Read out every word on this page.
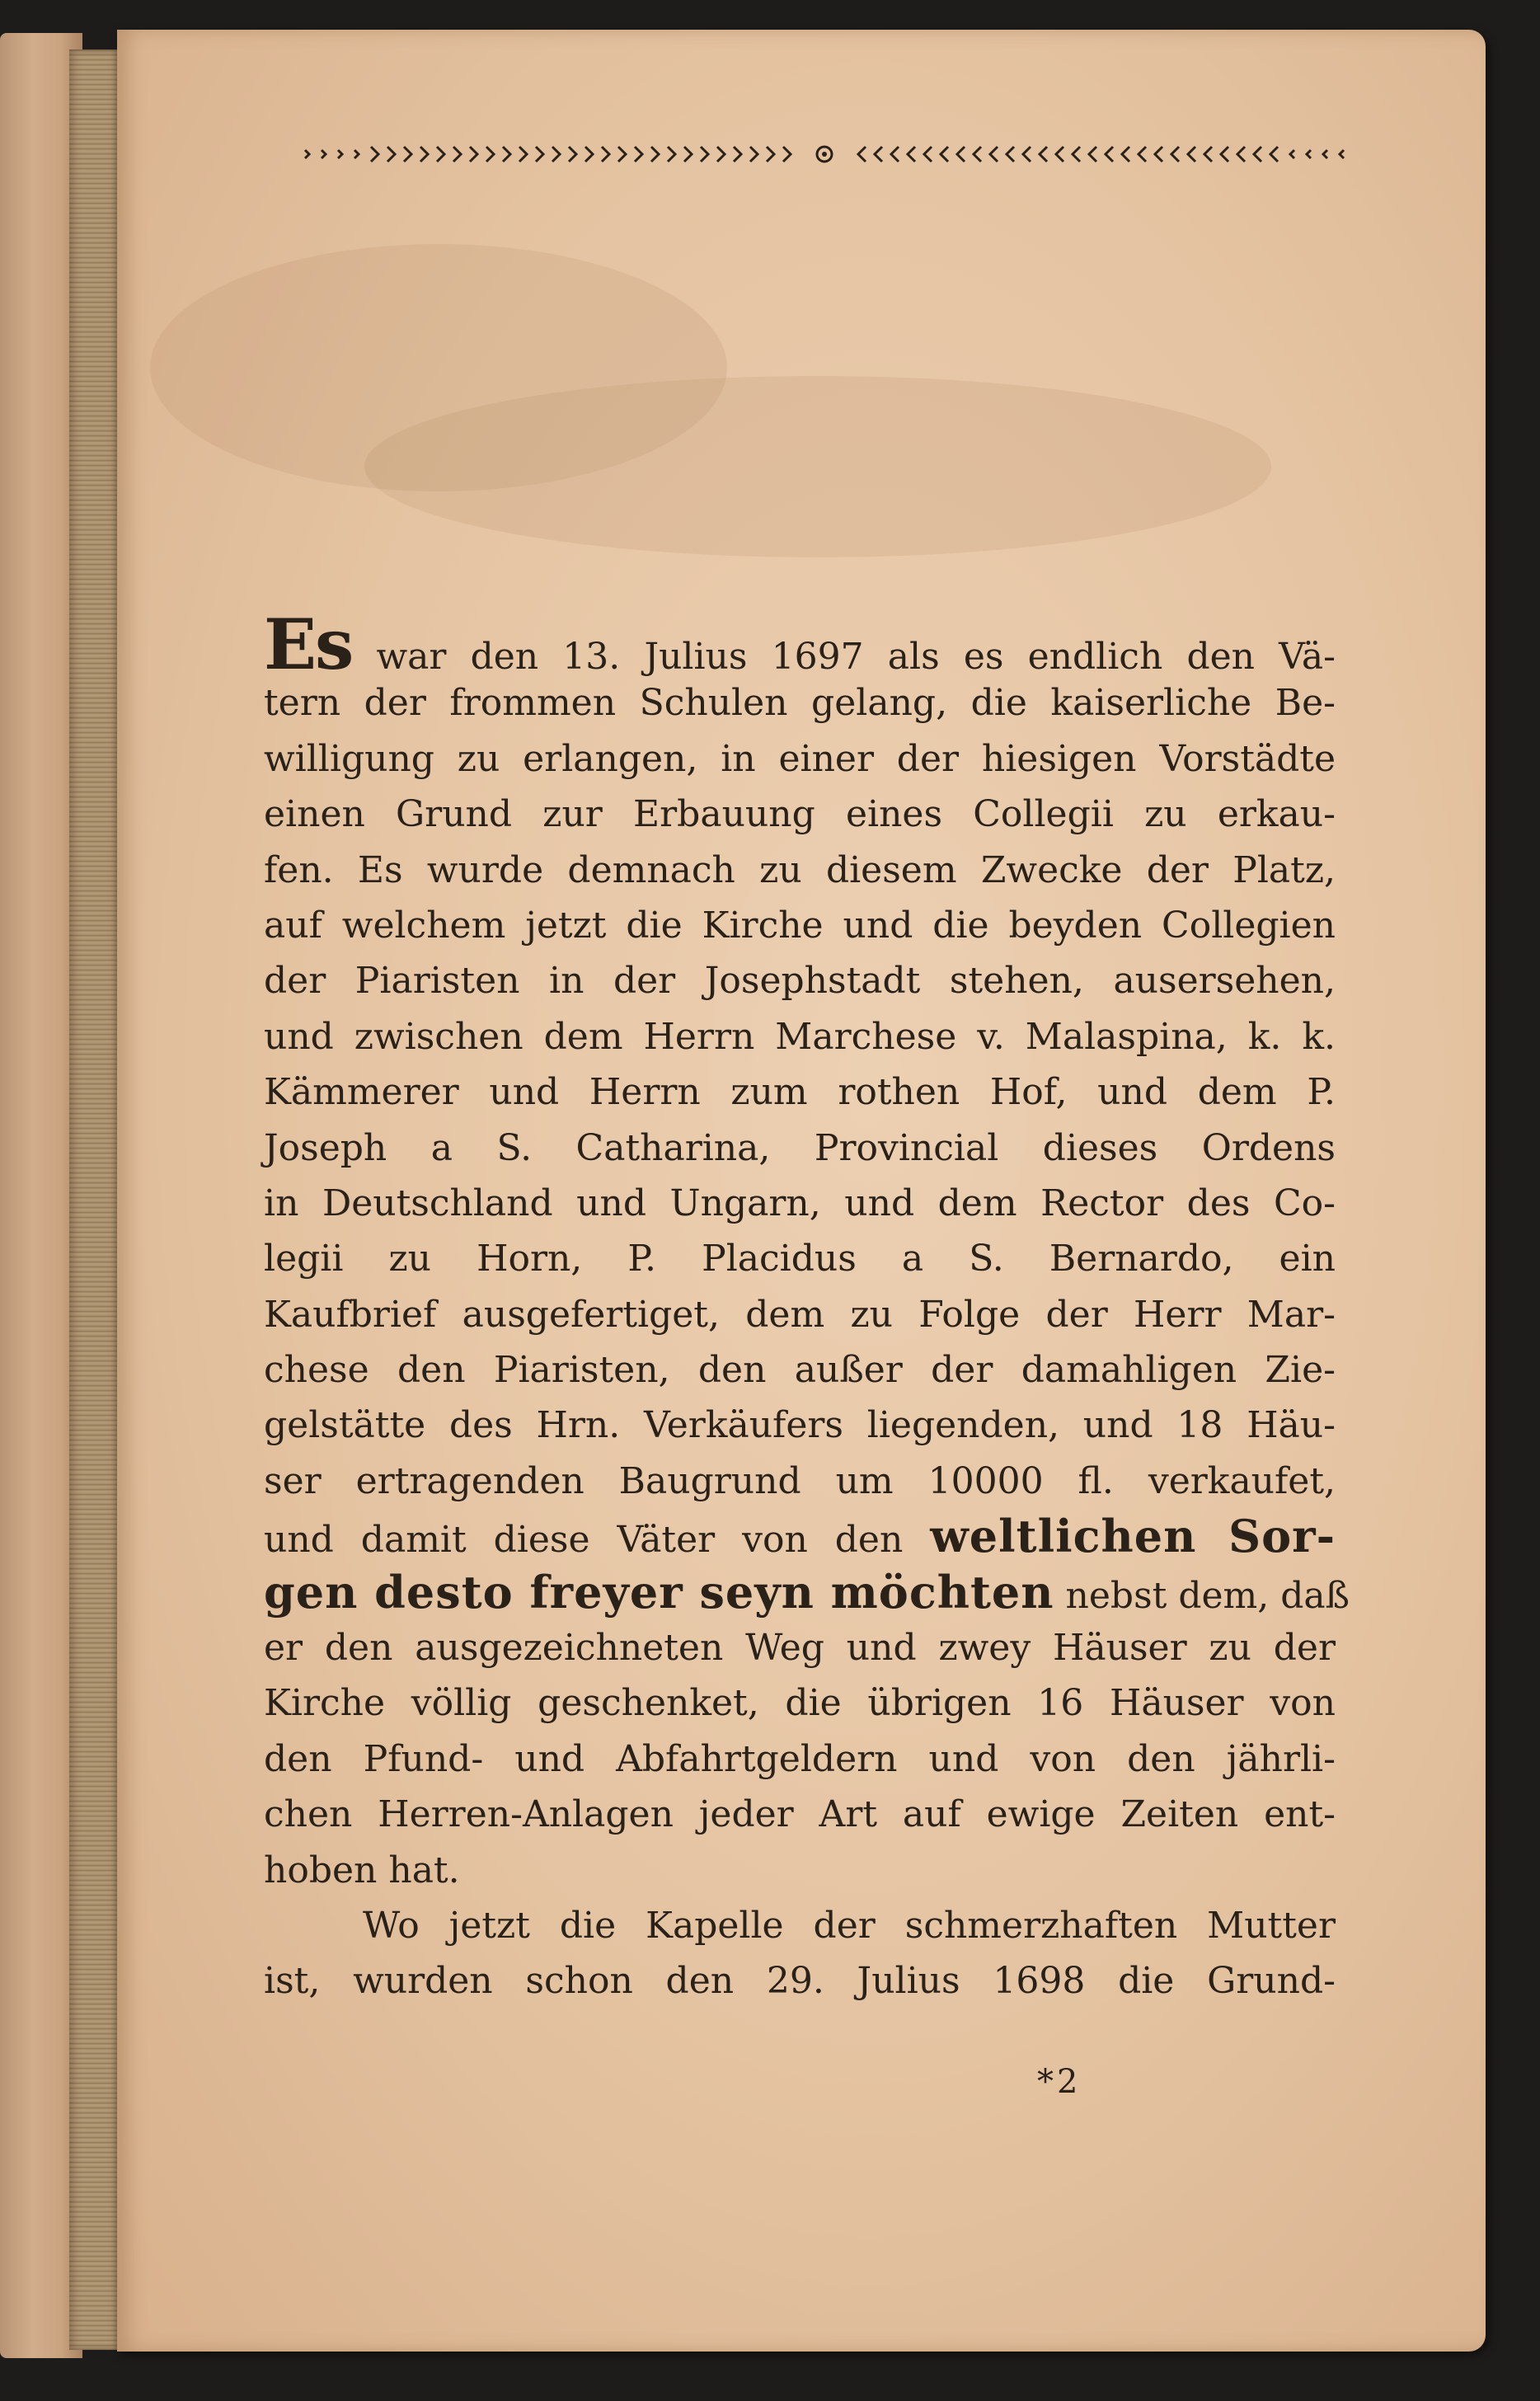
Es war den 13. Julius 1697 als es endlich den Vä-
tern der frommen Schulen gelang, die kaiserliche Be-
willigung zu erlangen, in einer der hiesigen Vorstädte
einen Grund zur Erbauung eines Collegii zu erkau-
fen. Es wurde demnach zu diesem Zwecke der Platz,
auf welchem jetzt die Kirche und die beyden Collegien
der Piaristen in der Josephstadt stehen, ausersehen,
und zwischen dem Herrn Marchese v. Malaspina, k. k.
Kämmerer und Herrn zum rothen Hof, und dem P.
Joseph a S. Catharina, Provincial dieses Ordens
in Deutschland und Ungarn, und dem Rector des Co-
legii zu Horn, P. Placidus a S. Bernardo, ein
Kaufbrief ausgefertiget, dem zu Folge der Herr Mar-
chese den Piaristen, den außer der damahligen Zie-
gelstätte des Hrn. Verkäufers liegenden, und 18 Häu-
ser ertragenden Baugrund um 10000 fl. verkaufet,
und damit diese Väter von den weltlichen Sor-
gen desto freyer seyn möchten nebst dem, daß
er den ausgezeichneten Weg und zwey Häuser zu der
Kirche völlig geschenket, die übrigen 16 Häuser von
den Pfund- und Abfahrtgeldern und von den jährli-
chen Herren-Anlagen jeder Art auf ewige Zeiten ent-
hoben hat.
Wo jetzt die Kapelle der schmerzhaften Mutter
ist, wurden schon den 29. Julius 1698 die Grund-
*2
